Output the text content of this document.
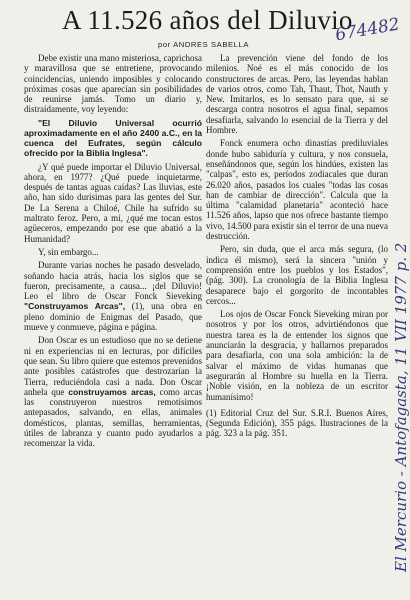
A 11.526 años del Diluvio
por ANDRES SABELLA	674482
El Mercurio - Antofagasta, 11 VII 1977 p. 2

Debe existir una mano misteriosa, caprichosa y maravillosa que se entretiene, provocando coincidencias, uniendo imposibles y colocando próximas cosas que aparecían sin posibilidades de reunirse jamás. Tomo un diario y, distraídamente, voy leyendo:

"El Diluvio Universal ocurrió aproximadamente en el año 2400 a.C., en la cuenca del Eufrates, según cálculo ofrecido por la Biblia Inglesa".

¿Y qué puede importar el Diluvio Universal, ahora, en 1977? ¿Qué puede inquietarme, después de tantas aguas caídas? Las lluvias, este año, han sido durísimas para las gentes del Sur. De La Serena a Chiloé, Chile ha sufrido su maltrato feroz. Pero, a mí, ¿qué me tocan estos agüeceros, empezando por ese que abatió a la Humanidad?

Y, sin embargo...

Durante varias noches he pasado desvelado, soñando hacia atrás, hacia los siglos que se fueron, precisamente, a causa... ¡del Diluvio! Leo el libro de Oscar Fonck Sieveking "Construyamos Arcas", (1), una obra en pleno dominio de Enigmas del Pasado, que mueve y conmueve, página e página.

Don Oscar es un estudioso que no se detiene ni en experiencias ni en lecturas, por difíciles que sean. Su libro quiere que estemos prevenidos ante posibles catástrofes que destrozarían la Tierra, reduciéndola casi a nada. Don Oscar anhela que construyamos arcas, como arcas las construyeron nuestros remotísimos antepasados, salvando, en ellas, animales domésticos, plantas, semillas, herramientas, útiles de labranza y cuanto pudo ayudarlos a recomenzar la vida.

La prevención viene del fondo de los milenios. Noé es el más conocido de los constructores de arcas. Pero, las leyendas hablan de varios otros, como Tah, Thaut, Thot, Nauth y New. Imitarlos, es lo sensato para que, si se descarga contra nosotros el agua final, sepamos desafiarla, salvando lo esencial de la Tierra y del Hombre.

Fonck enumera ocho dinastías prediluviales donde hubo sabiduría y cultura, y nos consuela, enseñándonos que, según los hindúes, existen las "calpas", esto es, períodos zodiacales que duran 26.020 años, pasados los cuales "todas las cosas han de cambiar de dirección". Calcula que la última "calamidad planetaria" aconteció hace 11.526 años, lapso que nos ofrece bastante tiempo vivo, 14.500 para existir sin el terror de una nueva destrucción.

Pero, sin duda, que el arca más segura, (lo indica él mismo), será la sincera "unión y comprensión entre los pueblos y los Estados", (pág. 300). La cronología de la Biblia Inglesa desaparece bajo el gorgorito de incontables cercos...

Los ojos de Oscar Fonck Sieveking miran por nosotros y por los otros, advirtiéndonos que nuestra tarea es la de entender los signos que anunciarán la desgracia, y hallarnos preparados para desafiarla, con una sola ambición: la de salvar el máximo de vidas humanas que asegurarán al Hombre su huella en la Tierra. ¡Noble visión, en la nobleza de un escritor humanísimo!

(1) Editorial Cruz del Sur. S.R.I. Buenos Aires, (Segunda Edición), 355 págs. Ilustraciones de la pág. 323 a la pág. 351.
